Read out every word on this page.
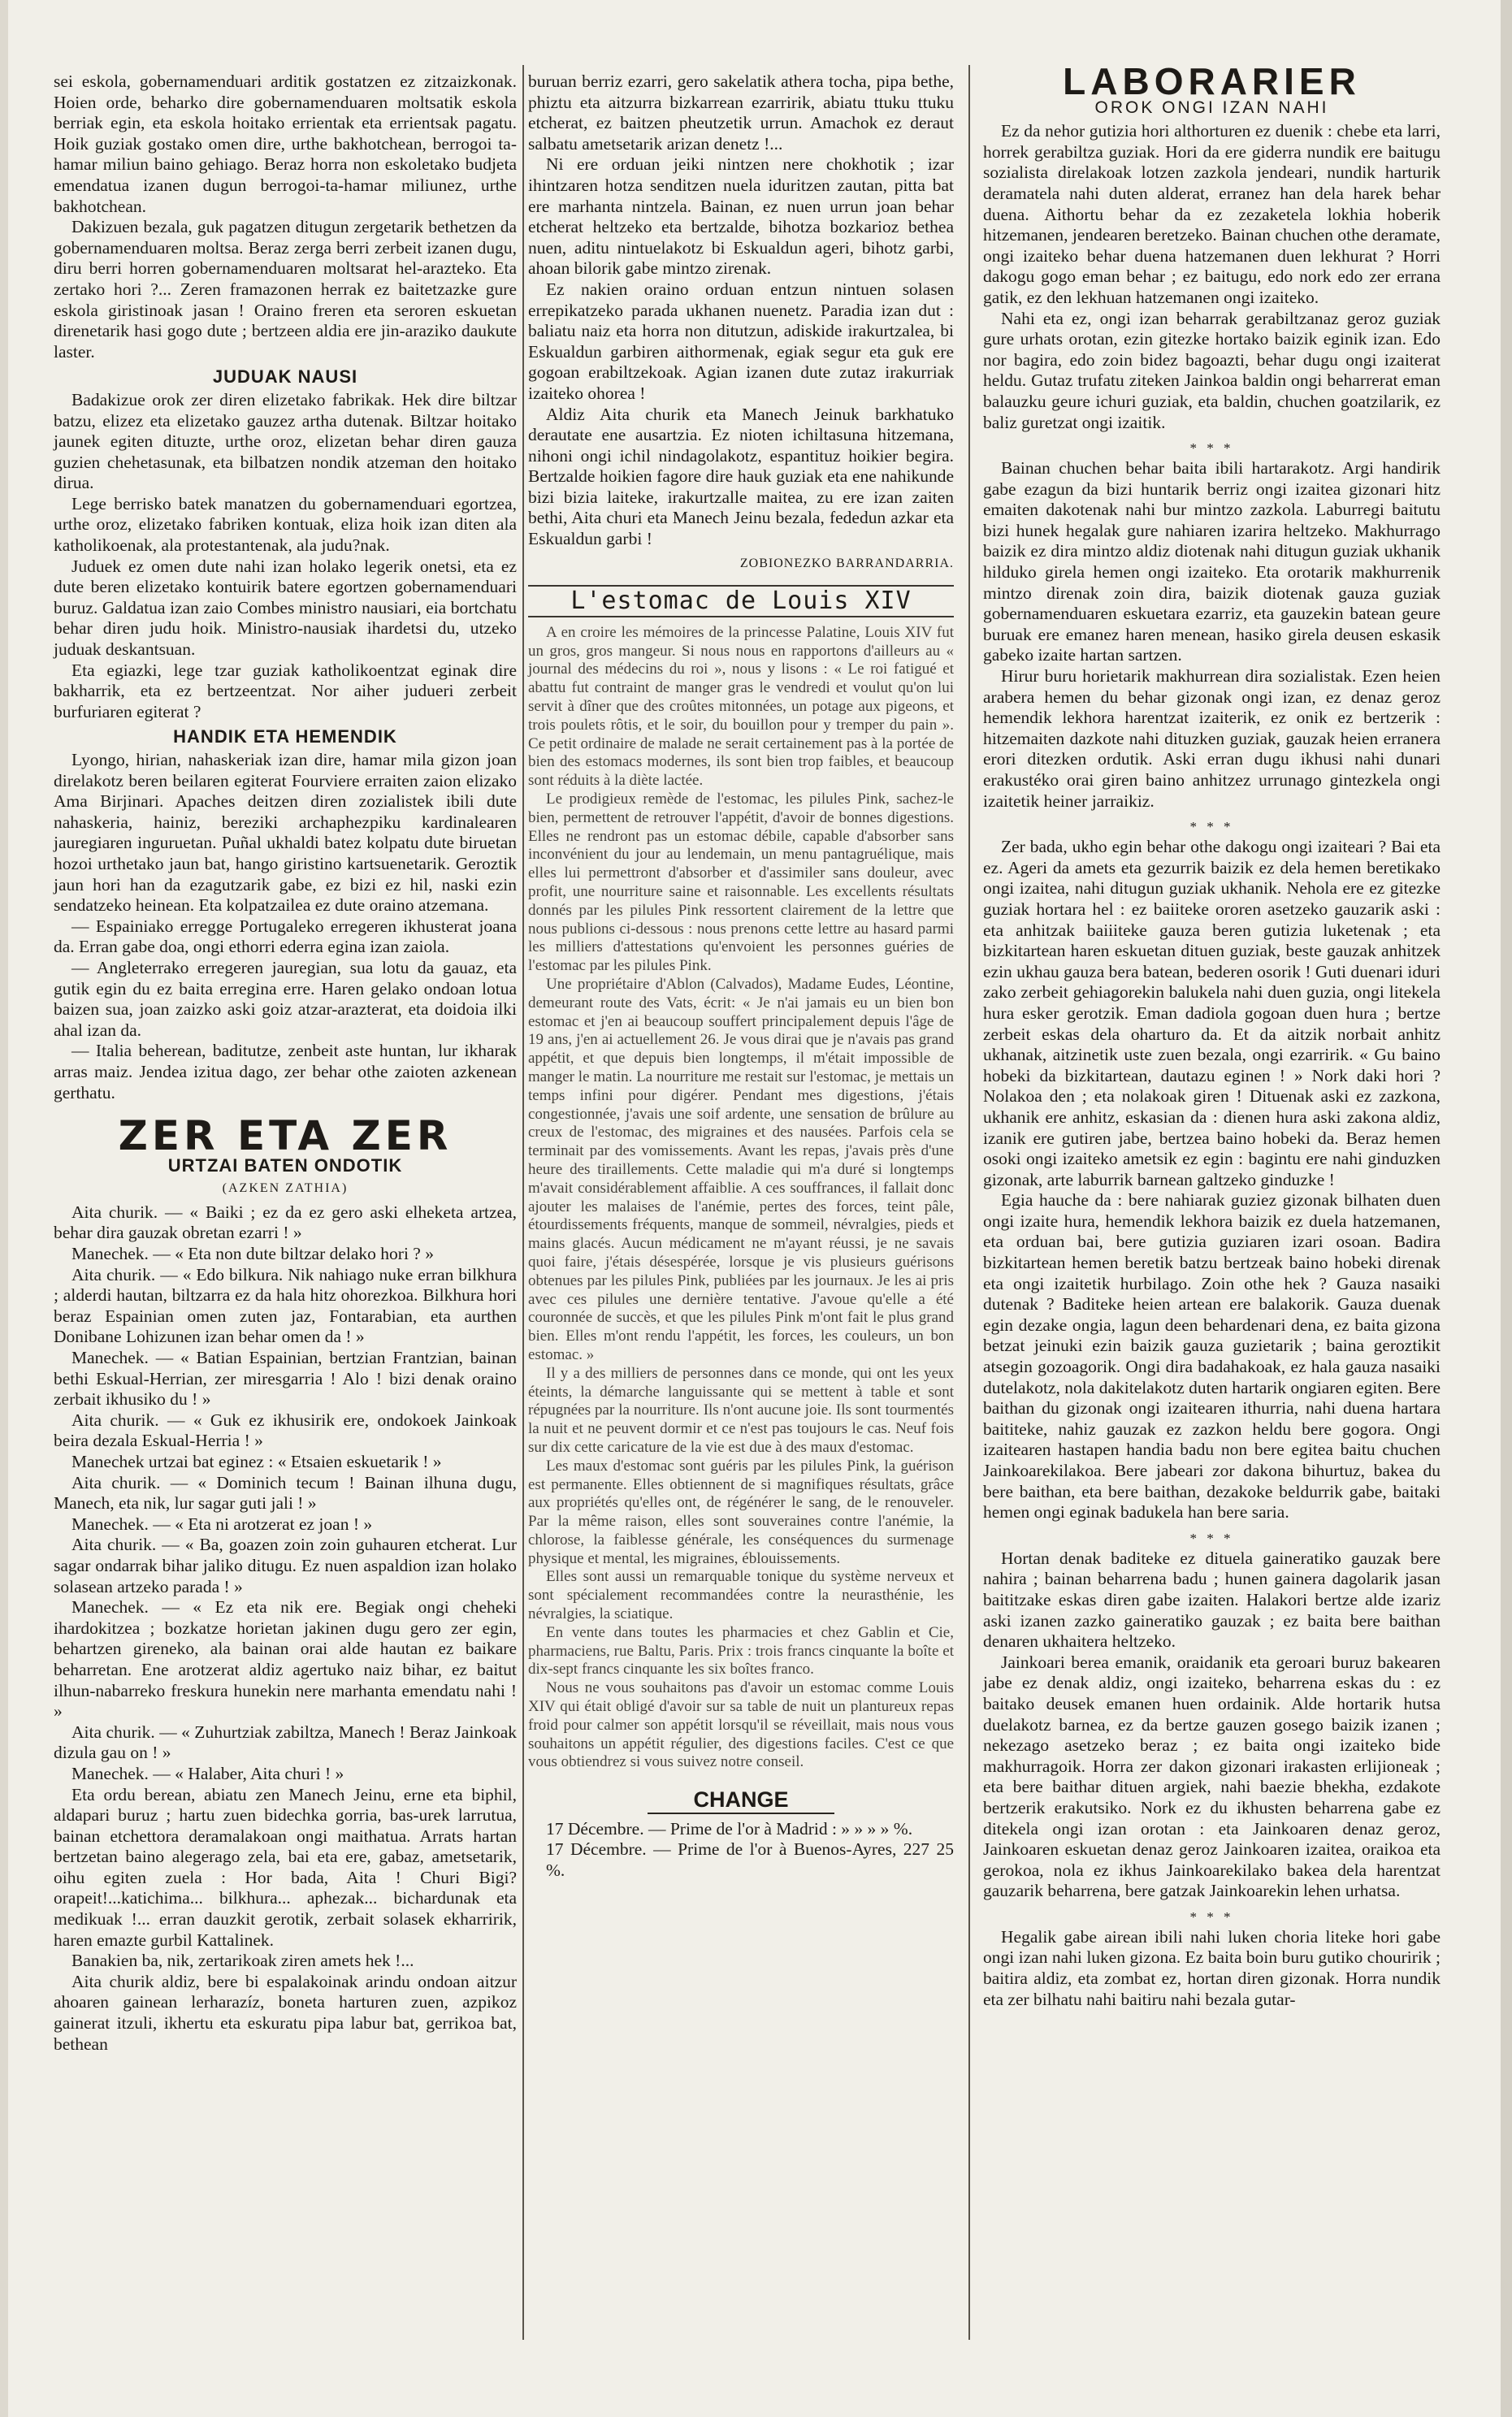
sei eskola, gobernamenduari arditik gostatzen ez zitzaizkonak. Hoien orde, beharko dire gobernamenduaren moltsatik eskola berriak egin, eta eskola hoitako errientak eta errientsak pagatu. Hoik guziak gostako omen dire, urthe bakhotchean, berrogoi ta-hamar miliun baino gehiago. Beraz horra non eskoletako budjeta emendatua izanen dugun berrogoi-ta-hamar miliunez, urthe bakhotchean.

Dakizuen bezala, guk pagatzen ditugun zergetarik bethetzen da gobernamenduaren moltsa. Beraz zerga berri zerbeit izanen dugu, diru berri horren gobernamenduaren moltsarat hel-arazteko. Eta zertako hori ?... Zeren framazonen herrak ez baitetzazke gure eskola giristinoak jasan ! Oraino freren eta seroren eskuetan direnetarik hasi gogo dute ; bertzeen aldia ere jin-araziko daukute laster.

JUDUAK NAUSI

Badakizue orok zer diren elizetako fabrikak. Hek dire biltzar batzu, elizez eta elizetako gauzez artha dutenak. Biltzar hoitako jaunek egiten dituzte, urthe oroz, elizetan behar diren gauza guzien chehetasunak, eta bilbatzen nondik atzeman den hoitako dirua.

Lege berrisko batek manatzen du gobernamenduari egortzea, urthe oroz, elizetako fabriken kontuak, eliza hoik izan diten ala katholikoenak, ala protestantenak, ala judu?nak.

Juduek ez omen dute nahi izan holako legerik onetsi, eta ez dute beren elizetako kontuirik batere egortzen gobernamenduari buruz. Galdatua izan zaio Combes ministro nausiari, eia bortchatu behar diren judu hoik. Ministro-nausiak ihardetsi du, utzeko juduak deskantsuan.

Eta egiazki, lege tzar guziak katholikoentzat eginak dire bakharrik, eta ez bertzeentzat. Nor aiher judueri zerbeit burfuriaren egiterat ?

HANDIK ETA HEMENDIK

Lyongo, hirian, nahaskeriak izan dire, hamar mila gizon joan direlakotz beren beilaren egiterat Fourviere erraiten zaion elizako Ama Birjinari. Apaches deitzen diren zozialistek ibili dute nahaskeria, hainiz, bereziki archaphezpiku kardinalearen jauregiaren inguruetan. Puñal ukhaldi batez kolpatu dute biruetan hozoi urthetako jaun bat, hango giristino kartsuenetarik. Geroztik jaun hori han da ezagutzarik gabe, ez bizi ez hil, naski ezin sendatzeko heinean. Eta kolpatzailea ez dute oraino atzemana.

— Espainiako erregge Portugaleko erregeren ikhusterat joana da. Erran gabe doa, ongi ethorri ederra egina izan zaiola.

— Angleterrako erregeren jauregian, sua lotu da gauaz, eta gutik egin du ez baita erregina erre. Haren gelako ondoan lotua baizen sua, joan zaizko aski goiz atzar-arazterat, eta doidoia ilki ahal izan da.

— Italia beherean, baditutze, zenbeit aste huntan, lur ikharak arras maiz. Jendea izitua dago, zer behar othe zaioten azkenean gerthatu.

ZER ETA ZER
URTZAI BATEN ONDOTIK
(AZKEN ZATHIA)

Aita churik. — « Baiki ; ez da ez gero aski elheketa artzea, behar dira gauzak obretan ezarri ! »

Manechek. — « Eta non dute biltzar delako hori ? »

Aita churik. — « Edo bilkura. Nik nahiago nuke erran bilkhura ; alderdi hautan, biltzarra ez da hala hitz ohorezkoa. Bilkhura hori beraz Espainian omen zuten jaz, Fontarabian, eta aurthen Donibane Lohizunen izan behar omen da ! »

Manechek. — « Batian Espainian, bertzian Frantzian, bainan bethi Eskual-Herrian, zer miresgarria ! Alo ! bizi denak oraino zerbait ikhusiko du ! »

Aita churik. — « Guk ez ikhusirik ere, ondokoek Jainkoak beira dezala Eskual-Herria ! »

Manechek urtzai bat eginez : « Etsaien eskuetarik ! »

Aita churik. — « Dominich tecum ! Bainan ilhuna dugu, Manech, eta nik, lur sagar guti jali ! »

Manechek. — « Eta ni arotzerat ez joan ! »

Aita churik. — « Ba, goazen zoin zoin guhauren etcherat. Lur sagar ondarrak bihar jaliko ditugu. Ez nuen aspaldion izan holako solasean artzeko parada ! »

Manechek. — « Ez eta nik ere. Begiak ongi cheheki ihardokitzea ; bozkatze horietan jakinen dugu gero zer egin, behartzen gireneko, ala bainan orai alde hautan ez baikare beharretan. Ene arotzerat aldiz agertuko naiz bihar, ez baitut ilhun-nabarreko freskura hunekin nere marhanta emendatu nahi ! »

Aita churik. — « Zuhurtziak zabiltza, Manech ! Beraz Jainkoak dizula gau on ! »

Manechek. — « Halaber, Aita churi ! »

Eta ordu berean, abiatu zen Manech Jeinu, erne eta biphil, aldapari buruz ; hartu zuen bidechka gorria, bas-urek larrutua, bainan etchettora deramalakoan ongi maithatua. Arrats hartan bertzetan baino alegerago zela, bai eta ere, gabaz, ametsetarik, oihu egiten zuela : Hor bada, Aita ! Churi Bigi?orapeit!...katichima... bilkhura... aphezak... bichardunak eta medikuak !... erran dauzkit gerotik, zerbait solasek ekharririk, haren emazte gurbil Kattalinek.

Banakien ba, nik, zertarikoak ziren amets hek !...

Aita churik aldiz, bere bi espalakoinak arindu ondoan aitzur ahoaren gainean lerharazíz, boneta harturen zuen, azpikoz gainerat itzuli, ikhertu eta eskuratu pipa labur bat, gerrikoa bat, bethean

buruan berriz ezarri, gero sakelatik athera tocha, pipa bethe, phiztu eta aitzurra bizkarrean ezarririk, abiatu ttuku ttuku etcherat, ez baitzen pheutzetik urrun. Amachok ez deraut salbatu ametsetarik arizan denetz !...

Ni ere orduan jeiki nintzen nere chokhotik ; izar ihintzaren hotza senditzen nuela iduritzen zautan, pitta bat ere marhanta nintzela. Bainan, ez nuen urrun joan behar etcherat heltzeko eta bertzalde, bihotza bozkarioz bethea nuen, aditu nintuelakotz bi Eskualdun ageri, bihotz garbi, ahoan bilorik gabe mintzo zirenak.

Ez nakien oraino orduan entzun nintuen solasen errepikatzeko parada ukhanen nuenetz. Paradia izan dut : baliatu naiz eta horra non ditutzun, adiskide irakurtzalea, bi Eskualdun garbiren aithormenak, egiak segur eta guk ere gogoan erabiltzekoak. Agian izanen dute zutaz irakurriak izaiteko ohorea !

Aldiz Aita churik eta Manech Jeinuk barkhatuko derautate ene ausartzia. Ez nioten ichiltasuna hitzemana, nihoni ongi ichil nindagolakotz, espantituz hoikier begira. Bertzalde hoikien fagore dire hauk guziak eta ene nahikunde bizi bizia laiteke, irakurtzalle maitea, zu ere izan zaiten bethi, Aita churi eta Manech Jeinu bezala, fededun azkar eta Eskualdun garbi !

ZOBIONEZKO BARRANDARRIA.
L'estomac de Louis XIV

A en croire les mémoires de la princesse Palatine, Louis XIV fut un gros, gros mangeur. Si nous nous en rapportons d'ailleurs au « journal des médecins du roi », nous y lisons : « Le roi fatigué et abattu fut contraint de manger gras le vendredi et voulut qu'on lui servit à dîner que des croûtes mitonnées, un potage aux pigeons, et trois poulets rôtis, et le soir, du bouillon pour y tremper du pain ». Ce petit ordinaire de malade ne serait certainement pas à la portée de bien des estomacs modernes, ils sont bien trop faibles, et beaucoup sont réduits à la diète lactée.

Le prodigieux remède de l'estomac, les pilules Pink, sachez-le bien, permettent de retrouver l'appétit, d'avoir de bonnes digestions. Elles ne rendront pas un estomac débile, capable d'absorber sans inconvénient du jour au lendemain, un menu pantagruélique, mais elles lui permettront d'absorber et d'assimiler sans douleur, avec profit, une nourriture saine et raisonnable. Les excellents résultats donnés par les pilules Pink ressortent clairement de la lettre que nous publions ci-dessous : nous prenons cette lettre au hasard parmi les milliers d'attestations qu'envoient les personnes guéries de l'estomac par les pilules Pink.

Une propriétaire d'Ablon (Calvados), Madame Eudes, Léontine, demeurant route des Vats, écrit: « Je n'ai jamais eu un bien bon estomac et j'en ai beaucoup souffert principalement depuis l'âge de 19 ans, j'en ai actuellement 26. Je vous dirai que je n'avais pas grand appétit, et que depuis bien longtemps, il m'était impossible de manger le matin. La nourriture me restait sur l'estomac, je mettais un temps infini pour digérer. Pendant mes digestions, j'étais congestionnée, j'avais une soif ardente, une sensation de brûlure au creux de l'estomac, des migraines et des nausées. Parfois cela se terminait par des vomissements. Avant les repas, j'avais près d'une heure des tiraillements. Cette maladie qui m'a duré si longtemps m'avait considérablement affaiblie. A ces souffrances, il fallait donc ajouter les malaises de l'anémie, pertes des forces, teint pâle, étourdissements fréquents, manque de sommeil, névralgies, pieds et mains glacés. Aucun médicament ne m'ayant réussi, je ne savais quoi faire, j'étais désespérée, lorsque je vis plusieurs guérisons obtenues par les pilules Pink, publiées par les journaux. Je les ai pris avec ces pilules une dernière tentative. J'avoue qu'elle a été couronnée de succès, et que les pilules Pink m'ont fait le plus grand bien. Elles m'ont rendu l'appétit, les forces, les couleurs, un bon estomac. »

Il y a des milliers de personnes dans ce monde, qui ont les yeux éteints, la démarche languissante qui se mettent à table et sont répugnées par la nourriture. Ils n'ont aucune joie. Ils sont tourmentés la nuit et ne peuvent dormir et ce n'est pas toujours le cas. Neuf fois sur dix cette caricature de la vie est due à des maux d'estomac.

Les maux d'estomac sont guéris par les pilules Pink, la guérison est permanente. Elles obtiennent de si magnifiques résultats, grâce aux propriétés qu'elles ont, de régénérer le sang, de le renouveler. Par la même raison, elles sont souveraines contre l'anémie, la chlorose, la faiblesse générale, les conséquences du surmenage physique et mental, les migraines, éblouissements.

Elles sont aussi un remarquable tonique du système nerveux et sont spécialement recommandées contre la neurasthénie, les névralgies, la sciatique.

En vente dans toutes les pharmacies et chez Gablin et Cie, pharmaciens, rue Baltu, Paris. Prix : trois francs cinquante la boîte et dix-sept francs cinquante les six boîtes franco.

Nous ne vous souhaitons pas d'avoir un estomac comme Louis XIV qui était obligé d'avoir sur sa table de nuit un plantureux repas froid pour calmer son appétit lorsqu'il se réveillait, mais nous vous souhaitons un appétit régulier, des digestions faciles. C'est ce que vous obtiendrez si vous suivez notre conseil.

CHANGE

17 Décembre. — Prime de l'or à Madrid : » » » » %.

17 Décembre. — Prime de l'or à Buenos-Ayres, 227 25 %.

LABORARIER
OROK ONGI IZAN NAHI

Ez da nehor gutizia hori althorturen ez duenik : chebe eta larri, horrek gerabiltza guziak. Hori da ere giderra nundik ere baitugu sozialista direlakoak lotzen zazkola jendeari, nundik harturik deramatela nahi duten alderat, erranez han dela harek behar duena. Aithortu behar da ez zezaketela lokhia hoberik hitzemanen, jendearen beretzeko. Bainan chuchen othe deramate, ongi izaiteko behar duena hatzemanen duen lekhurat ? Horri dakogu gogo eman behar ; ez baitugu, edo nork edo zer errana gatik, ez den lekhuan hatzemanen ongi izaiteko.

Nahi eta ez, ongi izan beharrak gerabiltzanaz geroz guziak gure urhats orotan, ezin gitezke hortako baizik eginik izan. Edo nor bagira, edo zoin bidez bagoazti, behar dugu ongi izaiterat heldu. Gutaz trufatu ziteken Jainkoa baldin ongi beharrerat eman balauzku geure ichuri guziak, eta baldin, chuchen goatzilarik, ez baliz guretzat ongi izaitik.

* * *

Bainan chuchen behar baita ibili hartarakotz. Argi handirik gabe ezagun da bizi huntarik berriz ongi izaitea gizonari hitz emaiten dakotenak nahi bur mintzo zazkola. Laburregi baitutu bizi hunek hegalak gure nahiaren izarira heltzeko. Makhurrago baizik ez dira mintzo aldiz diotenak nahi ditugun guziak ukhanik hilduko girela hemen ongi izaiteko. Eta orotarik makhurrenik mintzo direnak zoin dira, baizik diotenak gauza guziak gobernamenduaren eskuetara ezarriz, eta gauzekin batean geure buruak ere emanez haren menean, hasiko girela deusen eskasik gabeko izaite hartan sartzen.

Hirur buru horietarik makhurrean dira sozialistak. Ezen heien arabera hemen du behar gizonak ongi izan, ez denaz geroz hemendik lekhora harentzat izaiterik, ez onik ez bertzerik : hitzemaiten dazkote nahi dituzken guziak, gauzak heien erranera erori ditezken ordutik. Aski erran dugu ikhusi nahi dunari erakustéko orai giren baino anhitzez urrunago gintezkela ongi izaitetik heiner jarraikiz.

* * *

Zer bada, ukho egin behar othe dakogu ongi izaiteari ? Bai eta ez. Ageri da amets eta gezurrik baizik ez dela hemen beretikako ongi izaitea, nahi ditugun guziak ukhanik. Nehola ere ez gitezke guziak hortara hel : ez baiiteke ororen asetzeko gauzarik aski : eta anhitzak baiiiteke gauza beren gutizia luketenak ; eta bizkitartean haren eskuetan dituen guziak, beste gauzak anhitzek ezin ukhau gauza bera batean, bederen osorik ! Guti duenari iduri zako zerbeit gehiagorekin balukela nahi duen guzia, ongi litekela hura esker gerotzik. Eman dadiola gogoan duen hura ; bertze zerbeit eskas dela oharturo da. Et da aitzik norbait anhitz ukhanak, aitzinetik uste zuen bezala, ongi ezarririk. « Gu baino hobeki da bizkitartean, dautazu eginen ! » Nork daki hori ? Nolakoa den ; eta nolakoak giren ! Dituenak aski ez zazkona, ukhanik ere anhitz, eskasian da : dienen hura aski zakona aldiz, izanik ere gutiren jabe, bertzea baino hobeki da. Beraz hemen osoki ongi izaiteko ametsik ez egin : bagintu ere nahi ginduzken gizonak, arte laburrik barnean galtzeko ginduzke !

Egia hauche da : bere nahiarak guziez gizonak bilhaten duen ongi izaite hura, hemendik lekhora baizik ez duela hatzemanen, eta orduan bai, bere gutizia guziaren izari osoan. Badira bizkitartean hemen beretik batzu bertzeak baino hobeki direnak eta ongi izaitetik hurbilago. Zoin othe hek ? Gauza nasaiki dutenak ? Baditeke heien artean ere balakorik. Gauza duenak egin dezake ongia, lagun deen behardenari dena, ez baita gizona betzat jeinuki ezin baizik gauza guzietarik ; baina geroztikit atsegin gozoagorik. Ongi dira badahakoak, ez hala gauza nasaiki dutelakotz, nola dakitelakotz duten hartarik ongiaren egiten. Bere baithan du gizonak ongi izaitearen ithurria, nahi duena hartara baititeke, nahiz gauzak ez zazkon heldu bere gogora. Ongi izaitearen hastapen handia badu non bere egitea baitu chuchen Jainkoarekilakoa. Bere jabeari zor dakona bihurtuz, bakea du bere baithan, eta bere baithan, dezakoke beldurrik gabe, baitaki hemen ongi eginak badukela han bere saria.

* * *

Hortan denak baditeke ez dituela gaineratiko gauzak bere nahira ; bainan beharrena badu ; hunen gainera dagolarik jasan baititzake eskas diren gabe izaiten. Halakori bertze alde izariz aski izanen zazko gaineratiko gauzak ; ez baita bere baithan denaren ukhaitera heltzeko.

Jainkoari berea emanik, oraidanik eta geroari buruz bakearen jabe ez denak aldiz, ongi izaiteko, beharrena eskas du : ez baitako deusek emanen huen ordainik. Alde hortarik hutsa duelakotz barnea, ez da bertze gauzen gosego baizik izanen ; nekezago asetzeko beraz ; ez baita ongi izaiteko bide makhurragoik. Horra zer dakon gizonari irakasten erlijioneak ; eta bere baithar dituen argiek, nahi baezie bhekha, ezdakote bertzerik erakutsiko. Nork ez du ikhusten beharrena gabe ez ditekela ongi izan orotan : eta Jainkoaren denaz geroz, Jainkoaren eskuetan denaz geroz Jainkoaren izaitea, oraikoa eta gerokoa, nola ez ikhus Jainkoarekilako bakea dela harentzat gauzarik beharrena, bere gatzak Jainkoarekin lehen urhatsa.

* * *

Hegalik gabe airean ibili nahi luken choria liteke hori gabe ongi izan nahi luken gizona. Ez baita boin buru gutiko chouririk ; baitira aldiz, eta zombat ez, hortan diren gizonak. Horra nundik eta zer bilhatu nahi baitiru nahi bezala gutar-
